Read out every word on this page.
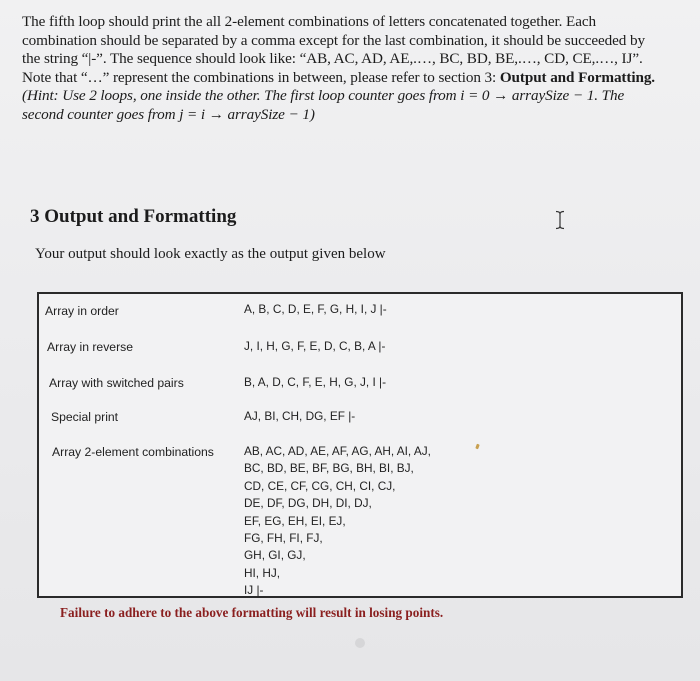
The fifth loop should print the all 2-element combinations of letters concatenated together. Each
combination should be separated by a comma except for the last combination, it should be succeeded by
the string “|-”. The sequence should look like: “AB, AC, AD, AE,.…, BC, BD, BE,.…, CD, CE,.…, IJ”.
Note that “…” represent the combinations in between, please refer to section 3: Output and Formatting.
(Hint: Use 2 loops, one inside the other. The first loop counter goes from i = 0 → arraySize − 1. The
second counter goes from j = i → arraySize − 1)
3 Output and Formatting
Your output should look exactly as the output given below
Array in order	A, B, C, D, E, F, G, H, I, J |-
Array in reverse	J, I, H, G, F, E, D, C, B, A |-
Array with switched pairs	B, A, D, C, F, E, H, G, J, I |-
Special print	AJ, BI, CH, DG, EF |-
Array 2-element combinations	AB, AC, AD, AE, AF, AG, AH, AI, AJ,
BC, BD, BE, BF, BG, BH, BI, BJ,
CD, CE, CF, CG, CH, CI, CJ,
DE, DF, DG, DH, DI, DJ,
EF, EG, EH, EI, EJ,
FG, FH, FI, FJ,
GH, GI, GJ,
HI, HJ,
IJ |-
Failure to adhere to the above formatting will result in losing points.
